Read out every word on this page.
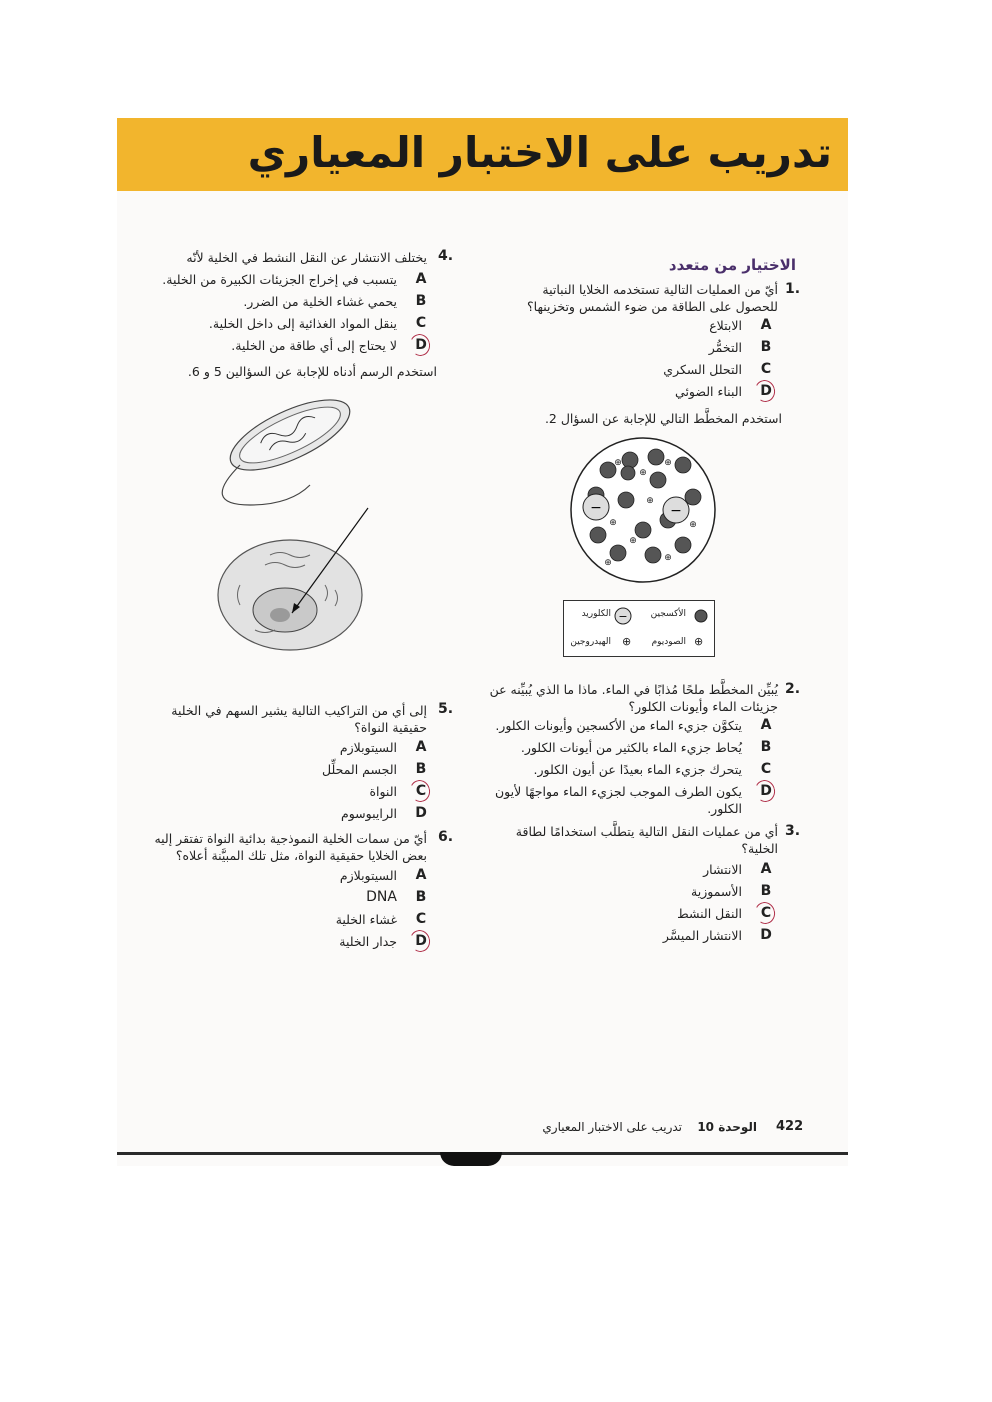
تدريب على الاختبار المعياري
الاختيار من متعدد
1.
أيّ من العمليات التالية تستخدمه الخلايا النباتية للحصول على الطاقة من ضوء الشمس وتخزينها؟
A
الابتلاع
B
التخمُّر
C
التحلل السكري
D
البناء الضوئي
استخدم المخطَّط التالي للإجابة عن السؤال 2.
−	−
⊕
⊕
⊕
⊕
⊕
⊕
⊕
⊕
⊕
الأكسجين
−
الكلوريد
⊕
الصوديوم
⊕
الهيدروجين
2.
يُبيِّن المخطَّط ملحًا مُذابًا في الماء. ماذا ما الذي يُبيِّنه عن جزيئات الماء وأيونات الكلور؟
A
يتكوَّن جزيء الماء من الأكسجين وأيونات الكلور.
B
يُحاط جزيء الماء بالكثير من أيونات الكلور.
C
يتحرك جزيء الماء بعيدًا عن أيون الكلور.
D
يكون الطرف الموجب لجزيء الماء مواجهًا لأيون الكلور.
3.
أي من عمليات النقل التالية يتطلَّب استخدامًا لطاقة الخلية؟
A
الانتشار
B
الأسموزية
C
النقل النشط
D
الانتشار الميسَّر
4.
يختلف الانتشار عن النقل النشط في الخلية لأنّه
A
يتسبب في إخراج الجزيئات الكبيرة من الخلية.
B
يحمي غشاء الخلية من الضرر.
C
ينقل المواد الغذائية إلى داخل الخلية.
D
لا يحتاج إلى أي طاقة من الخلية.
استخدم الرسم أدناه للإجابة عن السؤالين 5 و 6.
5.
إلى أي من التراكيب التالية يشير السهم في الخلية حقيقية النواة؟
A
السيتوبلازم
B
الجسم المحلِّل
C
النواة
D
الرايبوسوم
6.
أيّ من سمات الخلية النموذجية بدائية النواة تفتقر إليه بعض الخلايا حقيقية النواة، مثل تلك المبيَّنة أعلاه؟
A
السيتوبلازم
B
DNA
C
غشاء الخلية
D
جدار الخلية
422
الوحدة 10
تدريب على الاختبار المعياري
